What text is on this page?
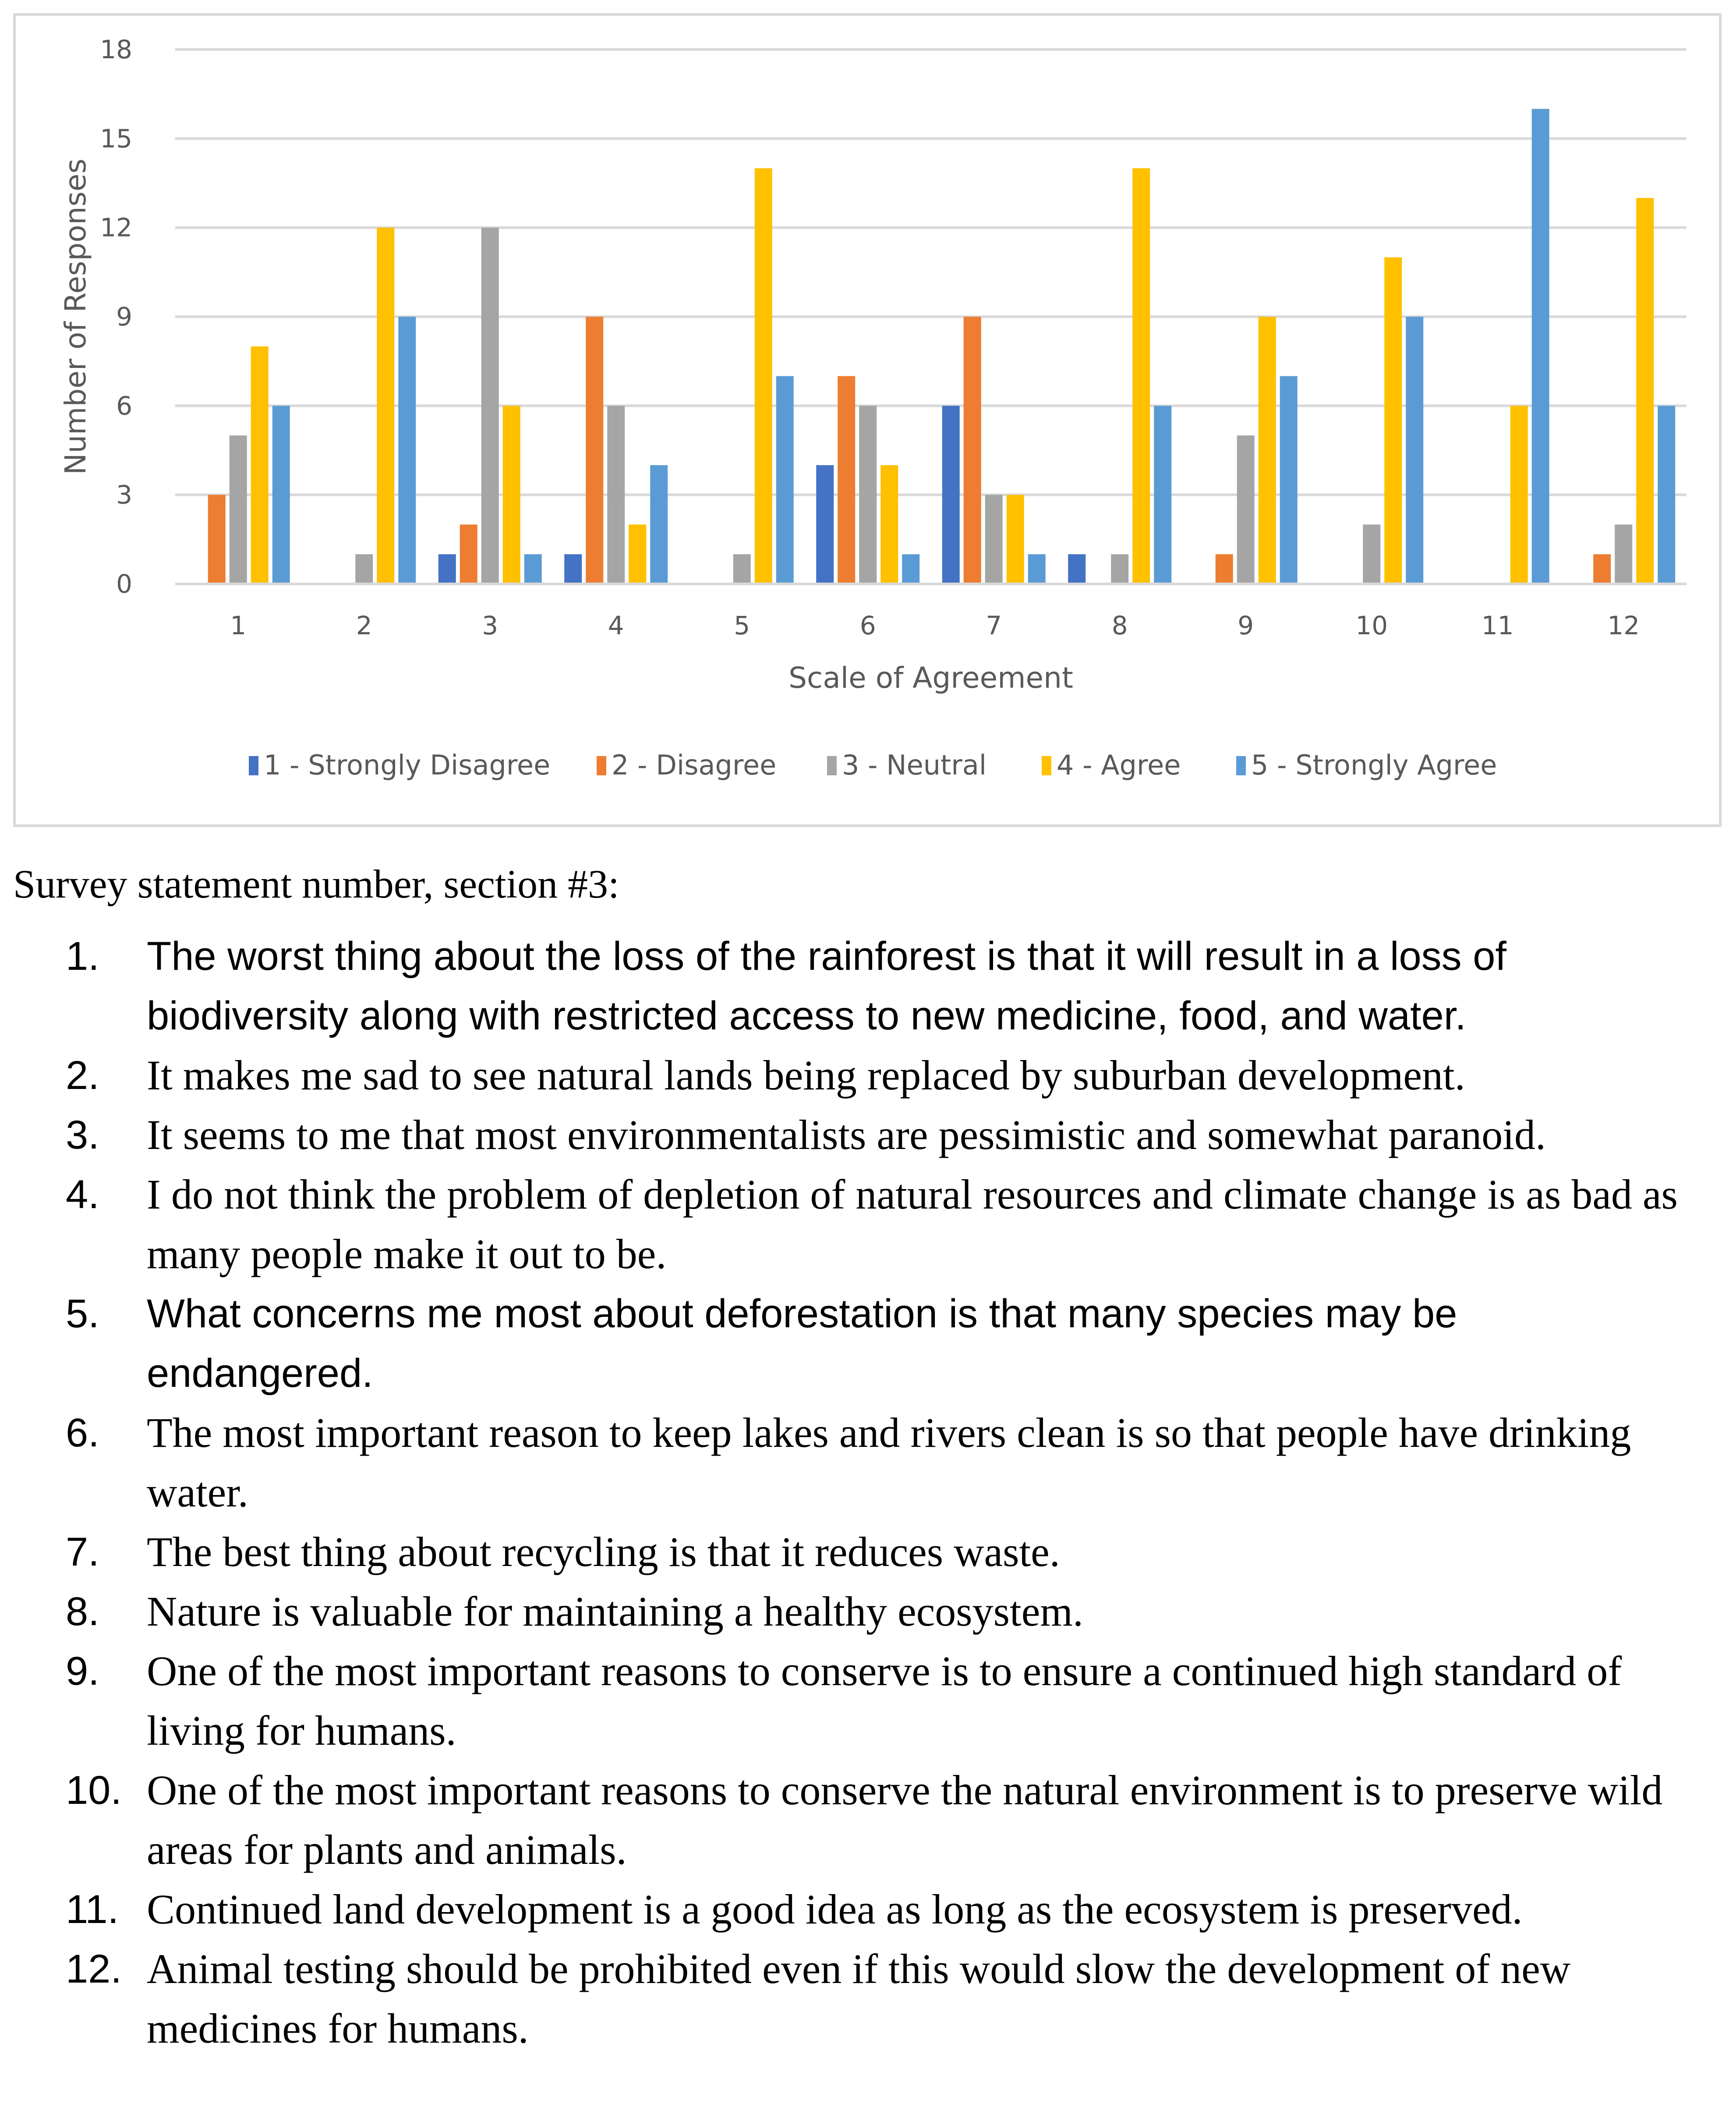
0
3
6
9
12
15
18
1	2	3	4	5	6	7	8	9	10	11	12
Number of Responses
Scale of Agreement
1 - Strongly Disagree 2 - Disagree 3 - Neutral	4 - Agree	5 - Strongly Agree
Survey statement number, section #3:
1.	The worst thing about the loss of the rainforest is that it will result in a loss of biodiversity along with restricted access to new medicine, food, and water.
2.	It makes me sad to see natural lands being replaced by suburban development.
3.	It seems to me that most environmentalists are pessimistic and somewhat paranoid.
4.	I do not think the problem of depletion of natural resources and climate change is as bad as many people make it out to be.
5.	What concerns me most about deforestation is that many species may be endangered.
6.	The most important reason to keep lakes and rivers clean is so that people have drinking water.
7.	The best thing about recycling is that it reduces waste.
8.	Nature is valuable for maintaining a healthy ecosystem.
9.	One of the most important reasons to conserve is to ensure a continued high standard of living for humans.
10. One of the most important reasons to conserve the natural environment is to preserve wild areas for plants and animals.
11. Continued land development is a good idea as long as the ecosystem is preserved.
12. Animal testing should be prohibited even if this would slow the development of new medicines for humans.
